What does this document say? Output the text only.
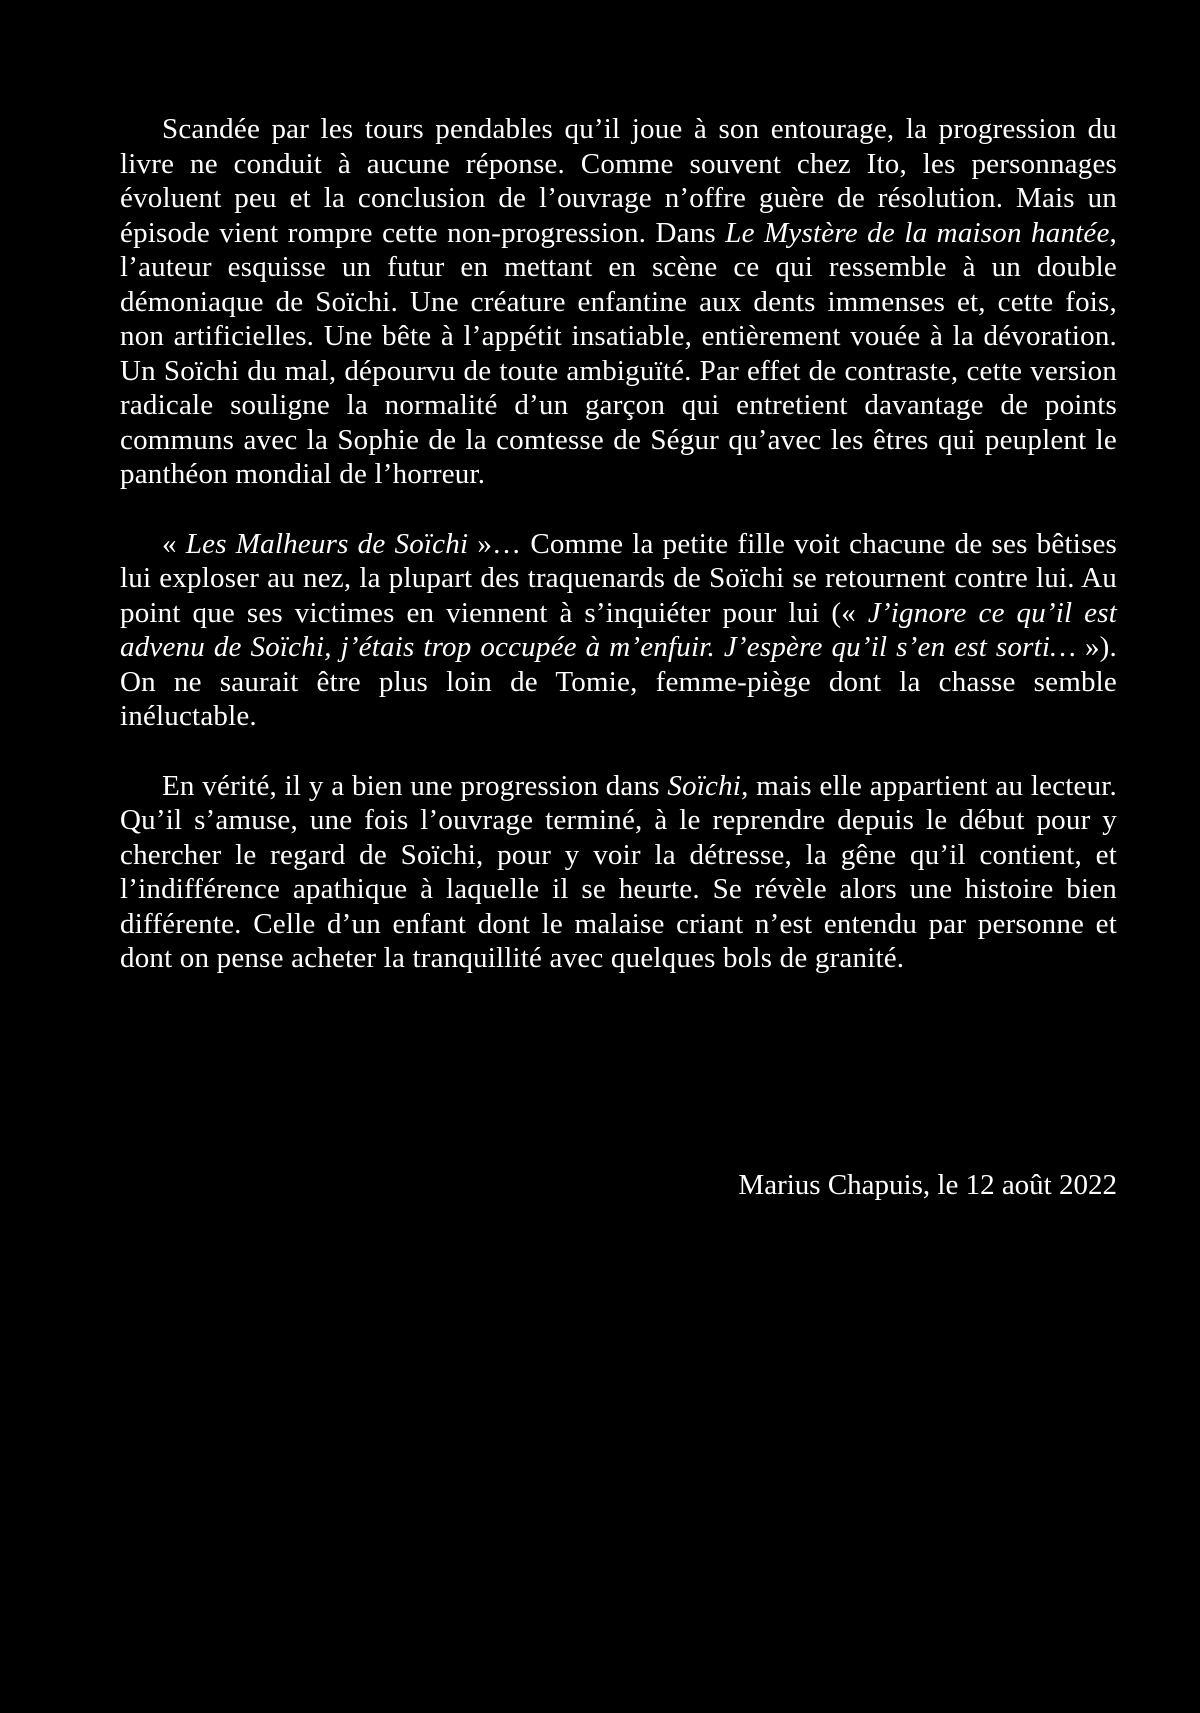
Scandée par les tours pendables qu’il joue à son entourage, la progression du livre ne conduit à aucune réponse. Comme souvent chez Ito, les personnages évoluent peu et la conclusion de l’ouvrage n’offre guère de résolution. Mais un épisode vient rompre cette non-progression. Dans Le Mystère de la maison hantée, l’auteur esquisse un futur en mettant en scène ce qui ressemble à un double démoniaque de Soïchi. Une créature enfantine aux dents immenses et, cette fois, non artificielles. Une bête à l’appétit insatiable, entièrement vouée à la dévoration. Un Soïchi du mal, dépourvu de toute ambiguïté. Par effet de contraste, cette version radicale souligne la normalité d’un garçon qui entretient davantage de points communs avec la Sophie de la comtesse de Ségur qu’avec les êtres qui peuplent le panthéon mondial de l’horreur.

« Les Malheurs de Soïchi »… Comme la petite fille voit chacune de ses bêtises lui exploser au nez, la plupart des traquenards de Soïchi se retournent contre lui. Au point que ses victimes en viennent à s’inquiéter pour lui (« J’ignore ce qu’il est advenu de Soïchi, j’étais trop occupée à m’enfuir. J’espère qu’il s’en est sorti… »). On ne saurait être plus loin de Tomie, femme-piège dont la chasse semble inéluctable.

En vérité, il y a bien une progression dans Soïchi, mais elle appartient au lecteur. Qu’il s’amuse, une fois l’ouvrage terminé, à le reprendre depuis le début pour y chercher le regard de Soïchi, pour y voir la détresse, la gêne qu’il contient, et l’indifférence apathique à laquelle il se heurte. Se révèle alors une histoire bien différente. Celle d’un enfant dont le malaise criant n’est entendu par personne et dont on pense acheter la tranquillité avec quelques bols de granité.

Marius Chapuis, le 12 août 2022
